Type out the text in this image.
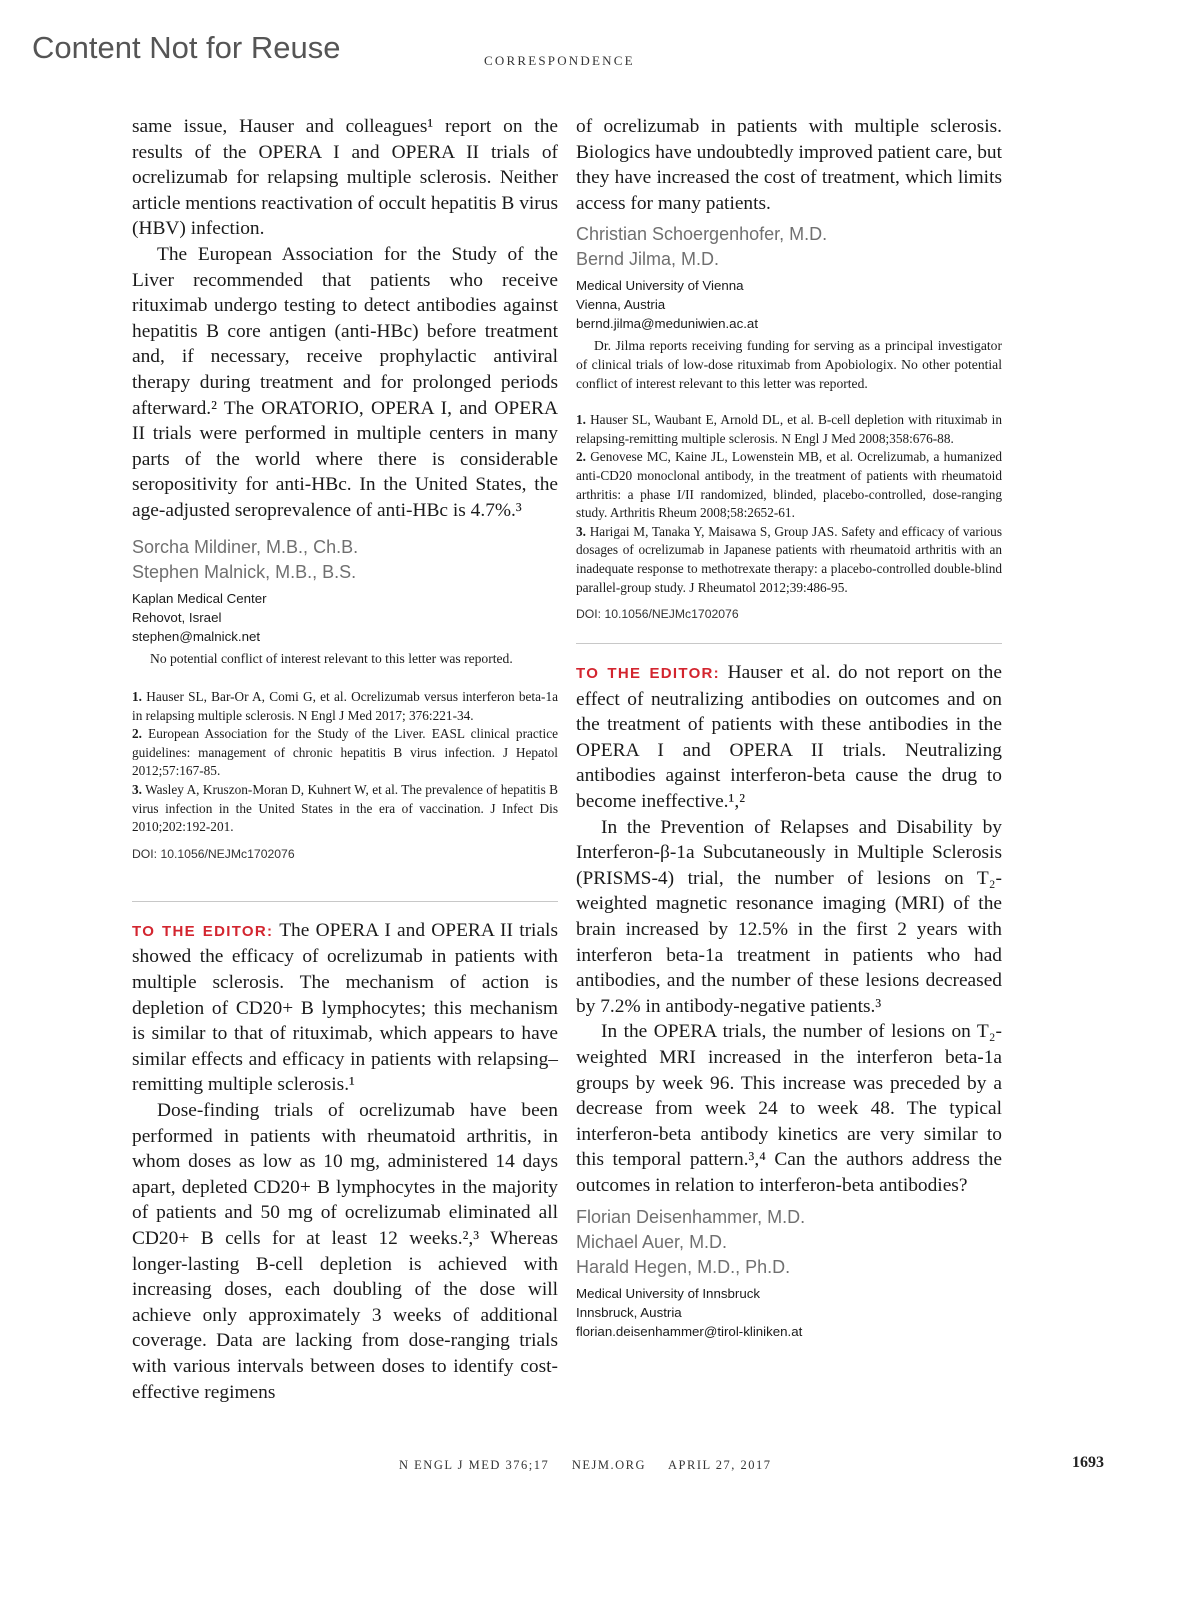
Content Not for Reuse	CORRESPONDENCE

same issue, Hauser and colleagues¹ report on the results of the OPERA I and OPERA II trials of ocrelizumab for relapsing multiple sclerosis. Neither article mentions reactivation of occult hepatitis B virus (HBV) infection.

The European Association for the Study of the Liver recommended that patients who receive rituximab undergo testing to detect antibodies against hepatitis B core antigen (anti-HBc) before treatment and, if necessary, receive prophylactic antiviral therapy during treatment and for prolonged periods afterward.² The ORATORIO, OPERA I, and OPERA II trials were performed in multiple centers in many parts of the world where there is considerable seropositivity for anti-HBc. In the United States, the age-adjusted seroprevalence of anti-HBc is 4.7%.³

Sorcha Mildiner, M.B., Ch.B.

Stephen Malnick, M.B., B.S.

Kaplan Medical Center

Rehovot, Israel

stephen@malnick.net

No potential conflict of interest relevant to this letter was reported.

1. Hauser SL, Bar-Or A, Comi G, et al. Ocrelizumab versus interferon beta-1a in relapsing multiple sclerosis. N Engl J Med 2017; 376:221-34.

2. European Association for the Study of the Liver. EASL clinical practice guidelines: management of chronic hepatitis B virus infection. J Hepatol 2012;57:167-85.

3. Wasley A, Kruszon-Moran D, Kuhnert W, et al. The prevalence of hepatitis B virus infection in the United States in the era of vaccination. J Infect Dis 2010;202:192-201.

DOI: 10.1056/NEJMc1702076

TO THE EDITOR: The OPERA I and OPERA II trials showed the efficacy of ocrelizumab in patients with multiple sclerosis. The mechanism of action is depletion of CD20+ B lymphocytes; this mechanism is similar to that of rituximab, which appears to have similar effects and efficacy in patients with relapsing–remitting multiple sclerosis.¹

Dose-finding trials of ocrelizumab have been performed in patients with rheumatoid arthritis, in whom doses as low as 10 mg, administered 14 days apart, depleted CD20+ B lymphocytes in the majority of patients and 50 mg of ocrelizumab eliminated all CD20+ B cells for at least 12 weeks.²,³ Whereas longer-lasting B-cell depletion is achieved with increasing doses, each doubling of the dose will achieve only approximately 3 weeks of additional coverage. Data are lacking from dose-ranging trials with various intervals between doses to identify cost-effective regimens

of ocrelizumab in patients with multiple sclerosis. Biologics have undoubtedly improved patient care, but they have increased the cost of treatment, which limits access for many patients.

Christian Schoergenhofer, M.D.

Bernd Jilma, M.D.

Medical University of Vienna

Vienna, Austria

bernd.jilma@meduniwien.ac.at

Dr. Jilma reports receiving funding for serving as a principal investigator of clinical trials of low-dose rituximab from Apobiologix. No other potential conflict of interest relevant to this letter was reported.

1. Hauser SL, Waubant E, Arnold DL, et al. B-cell depletion with rituximab in relapsing-remitting multiple sclerosis. N Engl J Med 2008;358:676-88.

2. Genovese MC, Kaine JL, Lowenstein MB, et al. Ocrelizumab, a humanized anti-CD20 monoclonal antibody, in the treatment of patients with rheumatoid arthritis: a phase I/II randomized, blinded, placebo-controlled, dose-ranging study. Arthritis Rheum 2008;58:2652-61.

3. Harigai M, Tanaka Y, Maisawa S, Group JAS. Safety and efficacy of various dosages of ocrelizumab in Japanese patients with rheumatoid arthritis with an inadequate response to methotrexate therapy: a placebo-controlled double-blind parallel-group study. J Rheumatol 2012;39:486-95.

DOI: 10.1056/NEJMc1702076

TO THE EDITOR: Hauser et al. do not report on the effect of neutralizing antibodies on outcomes and on the treatment of patients with these antibodies in the OPERA I and OPERA II trials. Neutralizing antibodies against interferon-beta cause the drug to become ineffective.¹,²

In the Prevention of Relapses and Disability by Interferon-β-1a Subcutaneously in Multiple Sclerosis (PRISMS-4) trial, the number of lesions on T₂-weighted magnetic resonance imaging (MRI) of the brain increased by 12.5% in the first 2 years with interferon beta-1a treatment in patients who had antibodies, and the number of these lesions decreased by 7.2% in antibody-negative patients.³

In the OPERA trials, the number of lesions on T₂-weighted MRI increased in the interferon beta-1a groups by week 96. This increase was preceded by a decrease from week 24 to week 48. The typical interferon-beta antibody kinetics are very similar to this temporal pattern.³,⁴ Can the authors address the outcomes in relation to interferon-beta antibodies?

Florian Deisenhammer, M.D.

Michael Auer, M.D.

Harald Hegen, M.D., Ph.D.

Medical University of Innsbruck

Innsbruck, Austria

florian.deisenhammer@tirol-kliniken.at

N ENGL J MED 376;17 NEJM.ORG APRIL 27, 2017	1693
